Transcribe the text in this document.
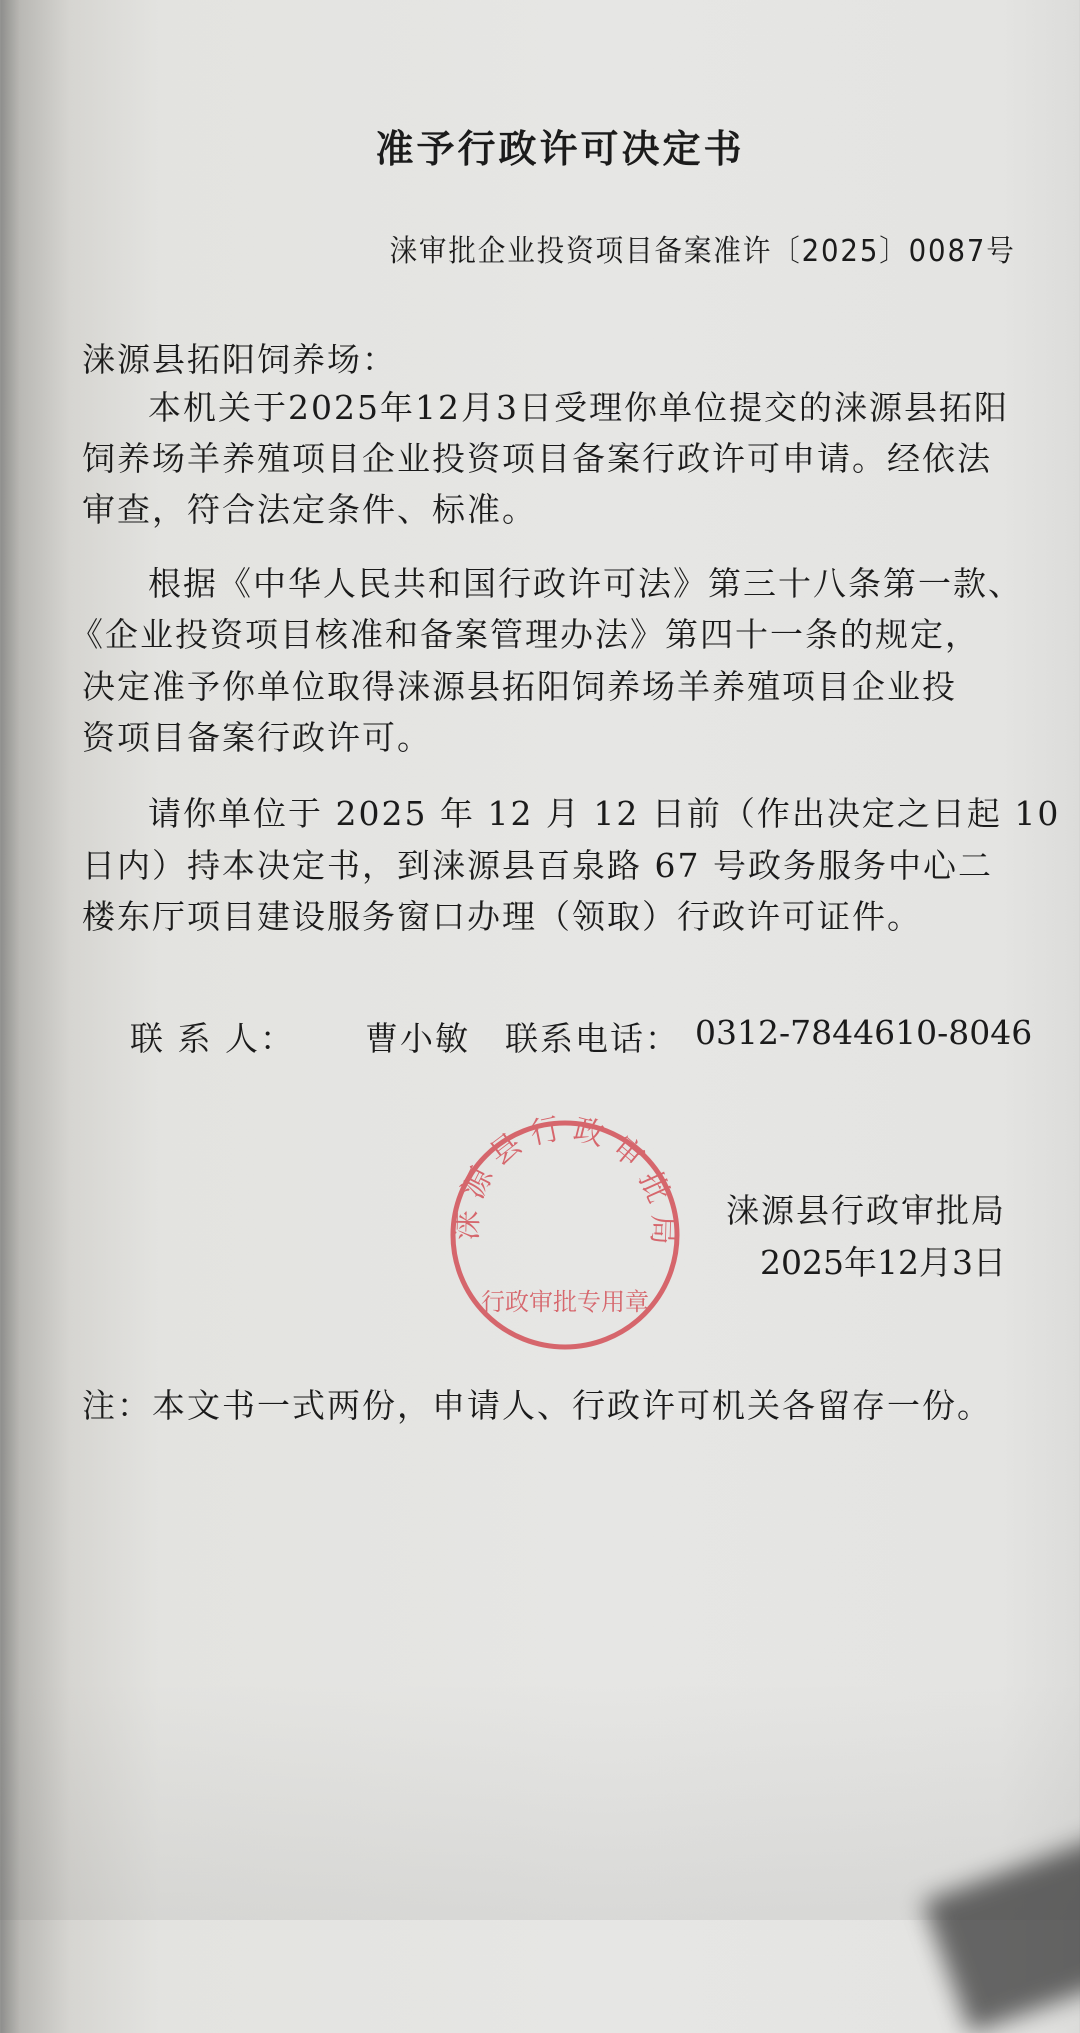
准予行政许可决定书
涞审批企业投资项目备案准许〔2025〕0087号
涞源县拓阳饲养场：
本机关于2025年12月3日受理你单位提交的涞源县拓阳
饲养场羊养殖项目企业投资项目备案行政许可申请。经依法
审查，符合法定条件、标准。
根据《中华人民共和国行政许可法》第三十八条第一款、
《企业投资项目核准和备案管理办法》第四十一条的规定，
决定准予你单位取得涞源县拓阳饲养场羊养殖项目企业投
资项目备案行政许可。
请你单位于 2025 年 12 月 12 日前（作出决定之日起 10
日内）持本决定书，到涞源县百泉路 67 号政务服务中心二
楼东厅项目建设服务窗口办理（领取）行政许可证件。
联 系 人： 曹小敏 联系电话： 0312-7844610-8046
涞 源 县 行 政 审 批 局
行政审批专用章
涞源县行政审批局
2025年12月3日
注：本文书一式两份，申请人、行政许可机关各留存一份。
